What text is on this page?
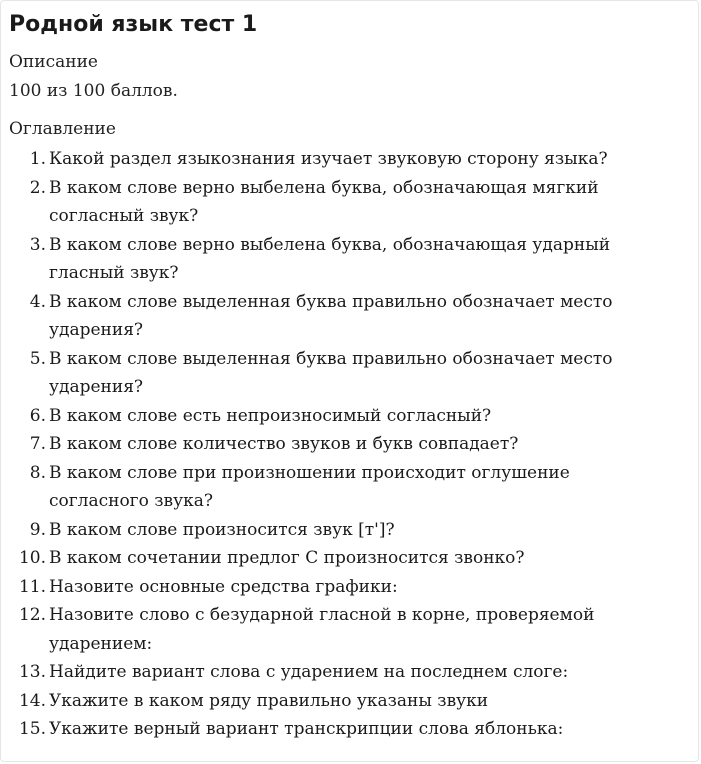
Родной язык тест 1
Описание
100 из 100 баллов.
Оглавление
1. Какой раздел языкознания изучает звуковую сторону языка?
2. В каком слове верно выбелена буква, обозначающая мягкий согласный звук?
3. В каком слове верно выбелена буква, обозначающая ударный гласный звук?
4. В каком слове выделенная буква правильно обозначает место ударения?
5. В каком слове выделенная буква правильно обозначает место ударения?
6. В каком слове есть непроизносимый согласный?
7. В каком слове количество звуков и букв совпадает?
8. В каком слове при произношении происходит оглушение согласного звука?
9. В каком слове произносится звук [т']?
10. В каком сочетании предлог С произносится звонко?
11. Назовите основные средства графики:
12. Назовите слово с безударной гласной в корне, проверяемой ударением:
13. Найдите вариант слова с ударением на последнем слоге:
14. Укажите в каком ряду правильно указаны звуки
15. Укажите верный вариант транскрипции слова яблонька:
